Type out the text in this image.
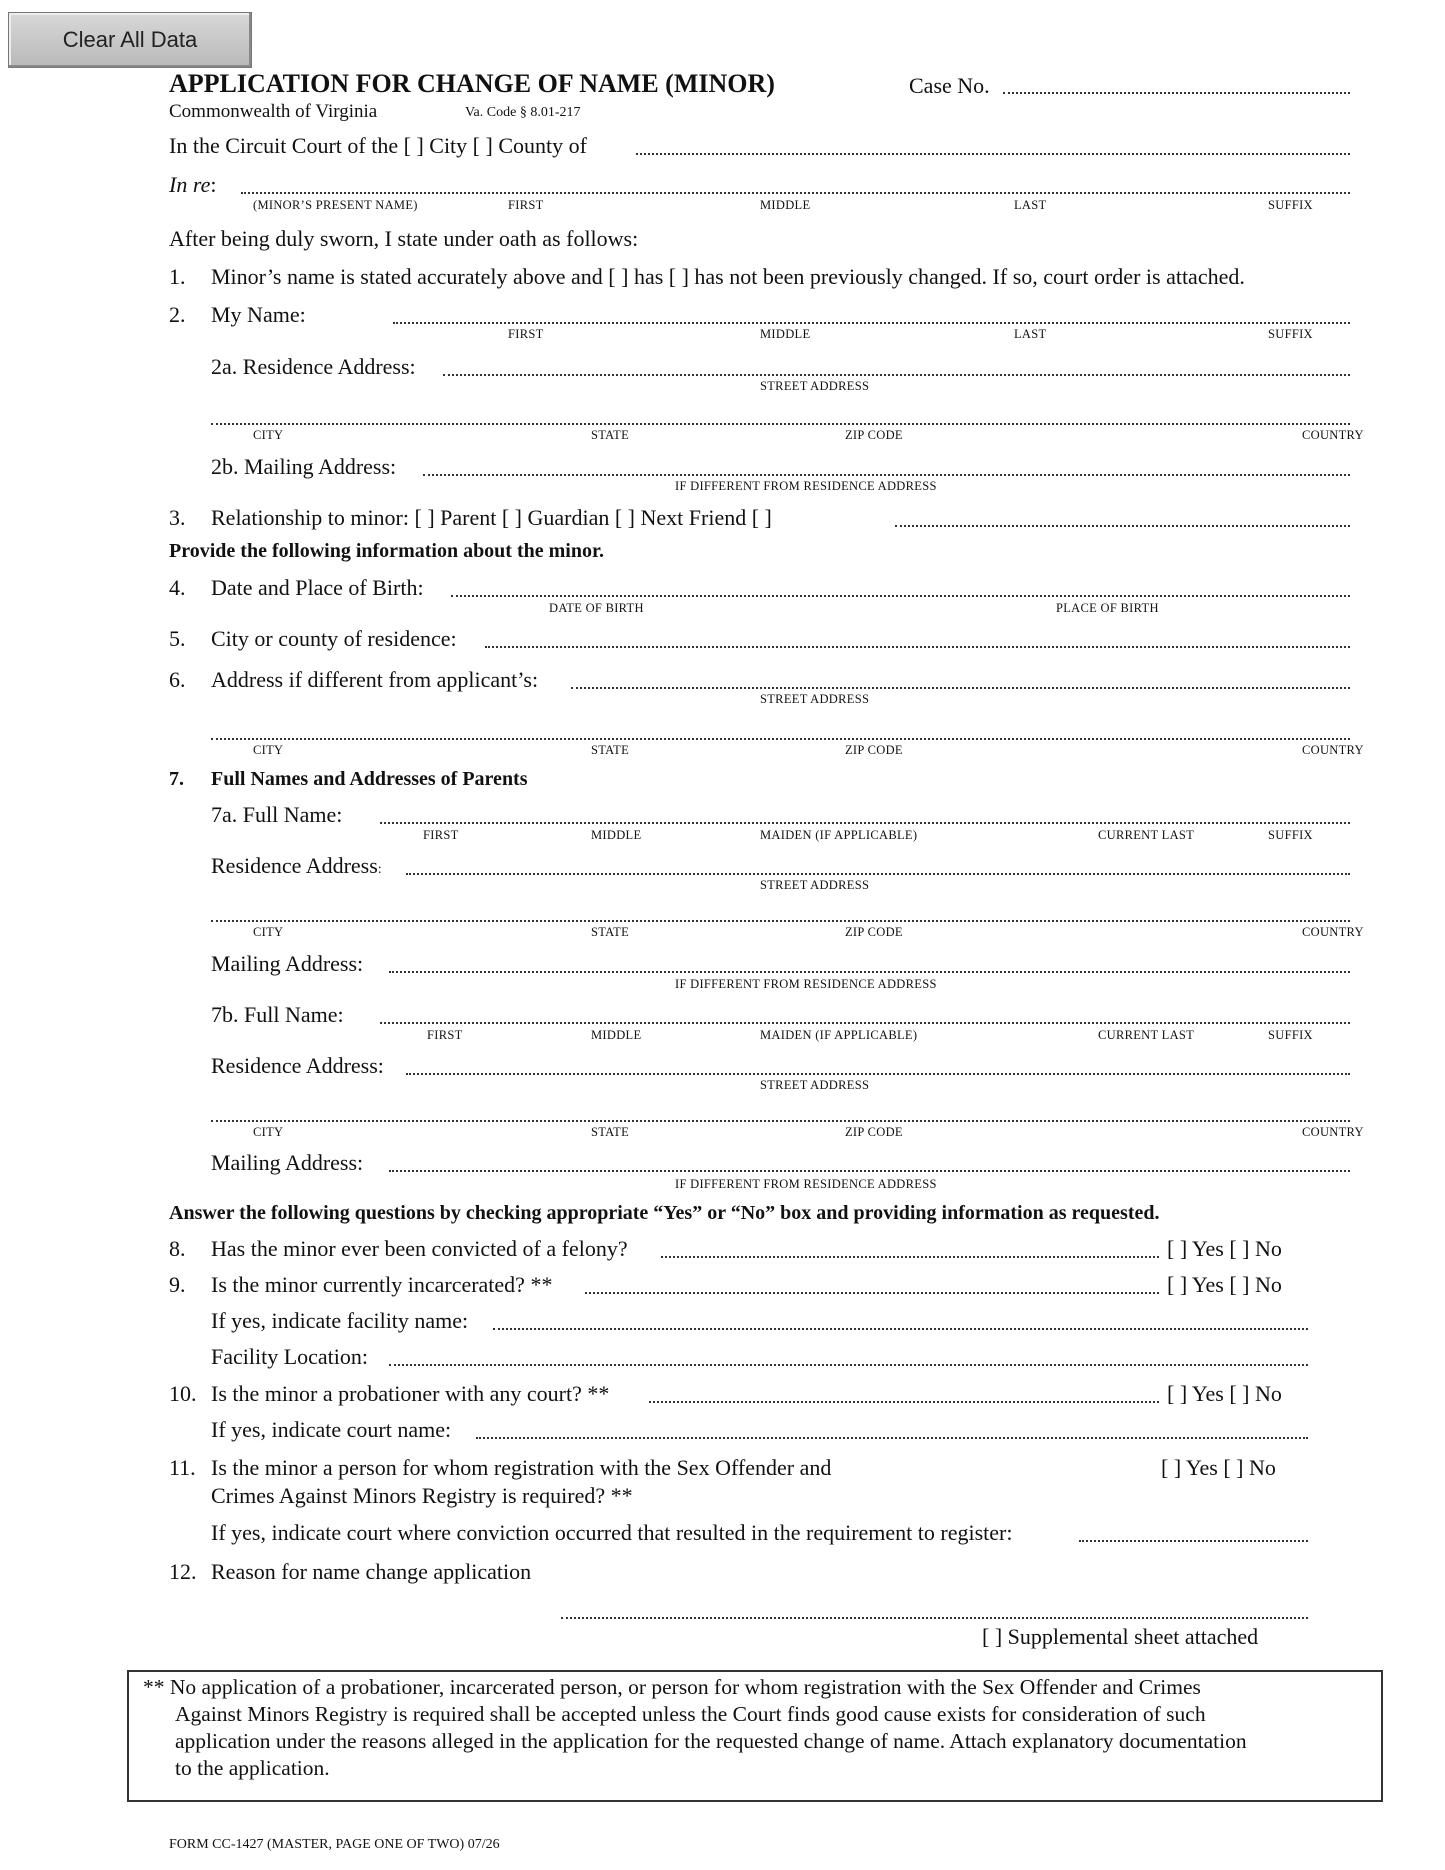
Clear All Data
APPLICATION FOR CHANGE OF NAME (MINOR)	Case No.
Commonwealth of Virginia	Va. Code § 8.01-217
In the Circuit Court of the [ ] City [ ] County of
In re:
(MINOR’S PRESENT NAME)	FIRST	MIDDLE	LAST	SUFFIX
After being duly sworn, I state under oath as follows:
1. Minor’s name is stated accurately above and [ ] has [ ] has not been previously changed. If so, court order is attached.
2. My Name:
FIRST	MIDDLE	LAST	SUFFIX
2a. Residence Address:
STREET ADDRESS
CITY	STATE	ZIP CODE	COUNTRY
2b. Mailing Address:
IF DIFFERENT FROM RESIDENCE ADDRESS
3. Relationship to minor: [ ] Parent [ ] Guardian [ ] Next Friend [ ]
Provide the following information about the minor.
4. Date and Place of Birth:
DATE OF BIRTH	PLACE OF BIRTH
5. City or county of residence:
6. Address if different from applicant’s:
STREET ADDRESS
CITY	STATE	ZIP CODE	COUNTRY
7. Full Names and Addresses of Parents
7a. Full Name:
FIRST	MIDDLE	MAIDEN (IF APPLICABLE)	CURRENT LAST	SUFFIX
Residence Address:
STREET ADDRESS
CITY	STATE	ZIP CODE	COUNTRY
Mailing Address:
IF DIFFERENT FROM RESIDENCE ADDRESS
7b. Full Name:
FIRST	MIDDLE	MAIDEN (IF APPLICABLE)	CURRENT LAST	SUFFIX
Residence Address:
STREET ADDRESS
CITY	STATE	ZIP CODE	COUNTRY
Mailing Address:
IF DIFFERENT FROM RESIDENCE ADDRESS
Answer the following questions by checking appropriate “Yes” or “No” box and providing information as requested.
8. Has the minor ever been convicted of a felony?	[ ] Yes [ ] No
9. Is the minor currently incarcerated? **	[ ] Yes [ ] No
If yes, indicate facility name:
Facility Location:
10. Is the minor a probationer with any court? **	[ ] Yes [ ] No
If yes, indicate court name:
11. Is the minor a person for whom registration with the Sex Offender and	[ ] Yes [ ] No
Crimes Against Minors Registry is required? **
If yes, indicate court where conviction occurred that resulted in the requirement to register:
12. Reason for name change application
[ ] Supplemental sheet attached
** No application of a probationer, incarcerated person, or person for whom registration with the Sex Offender and Crimes
Against Minors Registry is required shall be accepted unless the Court finds good cause exists for consideration of such
application under the reasons alleged in the application for the requested change of name. Attach explanatory documentation
to the application.
FORM CC-1427 (MASTER, PAGE ONE OF TWO) 07/26
